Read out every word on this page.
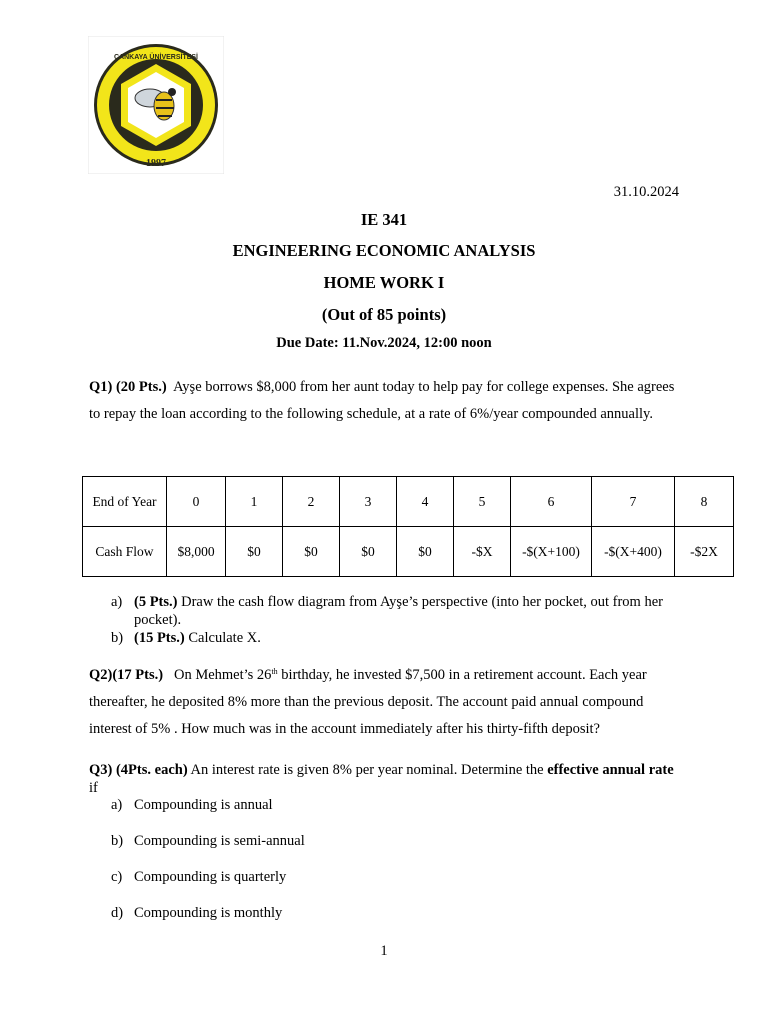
1997
ÇANKAYA ÜNİVERSİTESİ
31.10.2024
IE 341
ENGINEERING ECONOMIC ANALYSIS
HOME WORK I
(Out of 85 points)
Due Date: 11.Nov.2024, 12:00 noon
Q1) (20 Pts.) Ayşe borrows $8,000 from her aunt today to help pay for college expenses. She agrees to repay the loan according to the following schedule, at a rate of 6%/year compounded annually.
End of Year	0	1	2	3	4	5	6	7	8
Cash Flow	$8,000	$0	$0	$0	$0	-$X	-$(X+100)	-$(X+400)	-$2X
a) (5 Pts.) Draw the cash flow diagram from Ayşe’s perspective (into her pocket, out from her pocket).
b) (15 Pts.) Calculate X.
Q2)(17 Pts.) On Mehmet’s 26th birthday, he invested $7,500 in a retirement account. Each year thereafter, he deposited 8% more than the previous deposit. The account paid annual compound interest of 5% . How much was in the account immediately after his thirty-fifth deposit?
Q3) (4Pts. each) An interest rate is given 8% per year nominal. Determine the effective annual rate if
a) Compounding is annual
b) Compounding is semi-annual
c) Compounding is quarterly
d) Compounding is monthly
1
